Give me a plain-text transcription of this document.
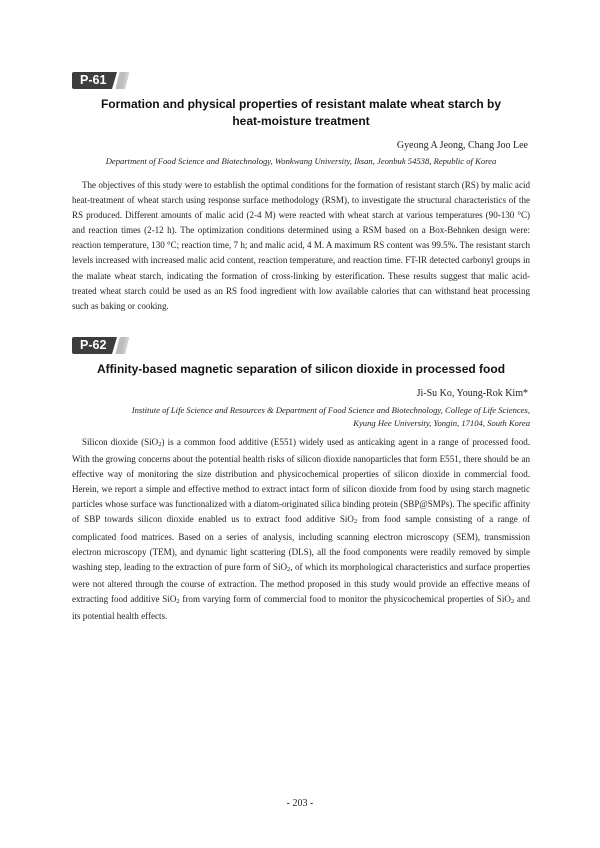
P-61
Formation and physical properties of resistant malate wheat starch by
heat-moisture treatment
Gyeong A Jeong, Chang Joo Lee
Department of Food Science and Biotechnology, Wonkwang University, Iksan, Jeonbuk 54538, Republic of Korea
The objectives of this study were to establish the optimal conditions for the formation of resistant starch (RS) by malic acid heat-treatment of wheat starch using response surface methodology (RSM), to investigate the structural characteristics of the RS produced. Different amounts of malic acid (2-4 M) were reacted with wheat starch at various temperatures (90-130 °C) and reaction times (2-12 h). The optimization conditions determined using a RSM based on a Box-Behnken design were: reaction temperature, 130 °C; reaction time, 7 h; and malic acid, 4 M. A maximum RS content was 99.5%. The resistant starch levels increased with increased malic acid content, reaction temperature, and reaction time. FT-IR detected carbonyl groups in the malate wheat starch, indicating the formation of cross-linking by esterification. These results suggest that malic acid-treated wheat starch could be used as an RS food ingredient with low available calories that can withstand heat processing such as baking or cooking.
P-62
Affinity-based magnetic separation of silicon dioxide in processed food
Ji-Su Ko, Young-Rok Kim*
Institute of Life Science and Resources & Department of Food Science and Biotechnology, College of Life Sciences,
Kyung Hee University, Yongin, 17104, South Korea
Silicon dioxide (SiO2) is a common food additive (E551) widely used as anticaking agent in a range of processed food. With the growing concerns about the potential health risks of silicon dioxide nanoparticles that form E551, there should be an effective way of monitoring the size distribution and physicochemical properties of silicon dioxide in commercial food. Herein, we report a simple and effective method to extract intact form of silicon dioxide from food by using starch magnetic particles whose surface was functionalized with a diatom-originated silica binding protein (SBP@SMPs). The specific affinity of SBP towards silicon dioxide enabled us to extract food additive SiO2 from food sample consisting of a range of complicated food matrices. Based on a series of analysis, including scanning electron microscopy (SEM), transmission electron microscopy (TEM), and dynamic light scattering (DLS), all the food components were readily removed by simple washing step, leading to the extraction of pure form of SiO2, of which its morphological characteristics and surface properties were not altered through the course of extraction. The method proposed in this study would provide an effective means of extracting food additive SiO2 from varying form of commercial food to monitor the physicochemical properties of SiO2 and its potential health effects.
- 203 -
